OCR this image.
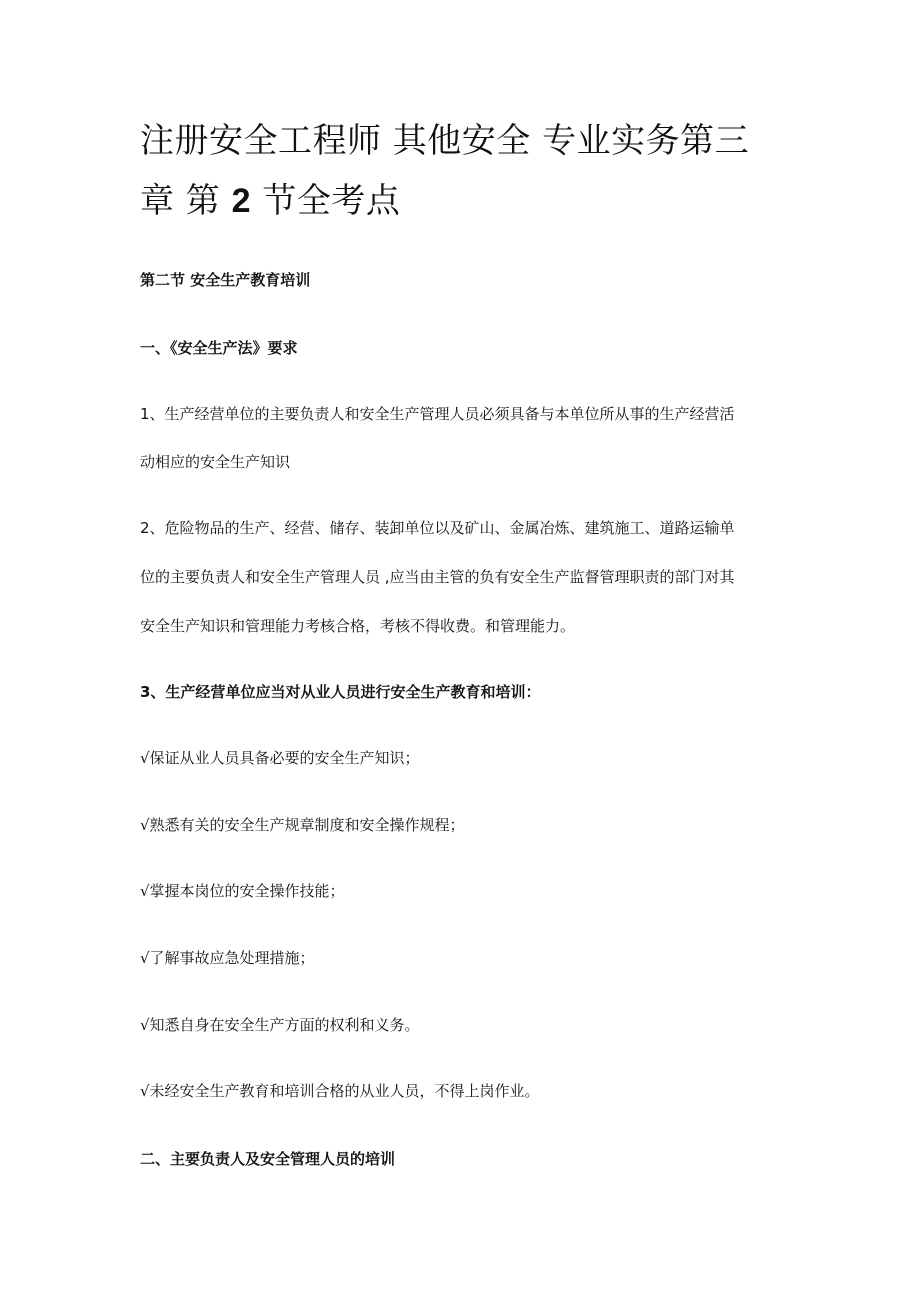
注册安全工程师 其他安全 专业实务第三
章 第 2 节全考点
第二节 安全生产教育培训
一、《安全生产法》要求
1、生产经营单位的主要负责人和安全生产管理人员必须具备与本单位所从事的生产经营活
动相应的安全生产知识
2、危险物品的生产、经营、储存、装卸单位以及矿山、金属冶炼、建筑施工、道路运输单
位的主要负责人和安全生产管理人员 ,应当由主管的负有安全生产监督管理职责的部门对其
安全生产知识和管理能力考核合格，考核不得收费。和管理能力。
3、生产经营单位应当对从业人员进行安全生产教育和培训：
√保证从业人员具备必要的安全生产知识；
√熟悉有关的安全生产规章制度和安全操作规程；
√掌握本岗位的安全操作技能；
√了解事故应急处理措施；
√知悉自身在安全生产方面的权利和义务。
√未经安全生产教育和培训合格的从业人员，不得上岗作业。
二、主要负责人及安全管理人员的培训
